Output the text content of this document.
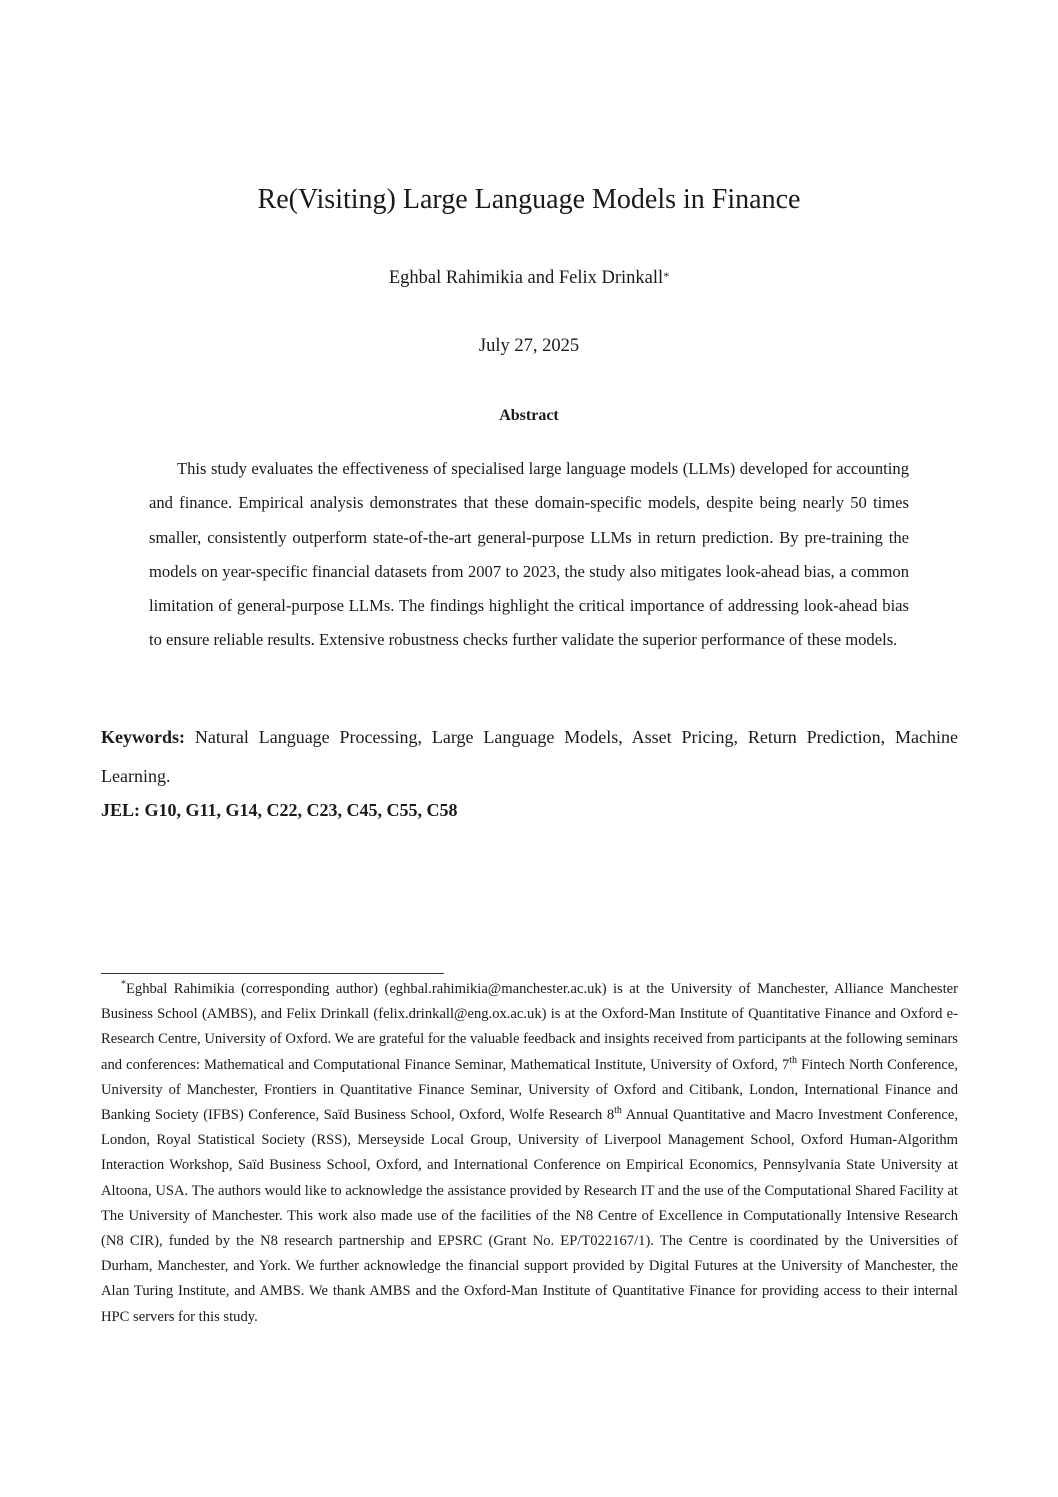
Re(Visiting) Large Language Models in Finance
Eghbal Rahimikia and Felix Drinkall*
July 27, 2025
Abstract
This study evaluates the effectiveness of specialised large language models (LLMs) developed for accounting and finance. Empirical analysis demonstrates that these domain-specific models, despite being nearly 50 times smaller, consistently outperform state-of-the-art general-purpose LLMs in return prediction. By pre-training the models on year-specific financial datasets from 2007 to 2023, the study also mitigates look-ahead bias, a common limitation of general-purpose LLMs. The findings highlight the critical importance of addressing look-ahead bias to ensure reliable results. Extensive robustness checks further validate the superior performance of these models.
Keywords: Natural Language Processing, Large Language Models, Asset Pricing, Return Prediction, Machine Learning.
JEL: G10, G11, G14, C22, C23, C45, C55, C58
*Eghbal Rahimikia (corresponding author) (eghbal.rahimikia@manchester.ac.uk) is at the University of Manchester, Alliance Manchester Business School (AMBS), and Felix Drinkall (felix.drinkall@eng.ox.ac.uk) is at the Oxford-Man Institute of Quantitative Finance and Oxford e-Research Centre, University of Oxford. We are grateful for the valuable feedback and insights received from participants at the following seminars and conferences: Mathematical and Computational Finance Seminar, Mathematical Institute, University of Oxford, 7th Fintech North Conference, University of Manchester, Frontiers in Quantitative Finance Seminar, University of Oxford and Citibank, London, International Finance and Banking Society (IFBS) Conference, Saïd Business School, Oxford, Wolfe Research 8th Annual Quantitative and Macro Investment Conference, London, Royal Statistical Society (RSS), Merseyside Local Group, University of Liverpool Management School, Oxford Human-Algorithm Interaction Workshop, Saïd Business School, Oxford, and International Conference on Empirical Economics, Pennsylvania State University at Altoona, USA. The authors would like to acknowledge the assistance provided by Research IT and the use of the Computational Shared Facility at The University of Manchester. This work also made use of the facilities of the N8 Centre of Excellence in Computationally Intensive Research (N8 CIR), funded by the N8 research partnership and EPSRC (Grant No. EP/T022167/1). The Centre is coordinated by the Universities of Durham, Manchester, and York. We further acknowledge the financial support provided by Digital Futures at the University of Manchester, the Alan Turing Institute, and AMBS. We thank AMBS and the Oxford-Man Institute of Quantitative Finance for providing access to their internal HPC servers for this study.
